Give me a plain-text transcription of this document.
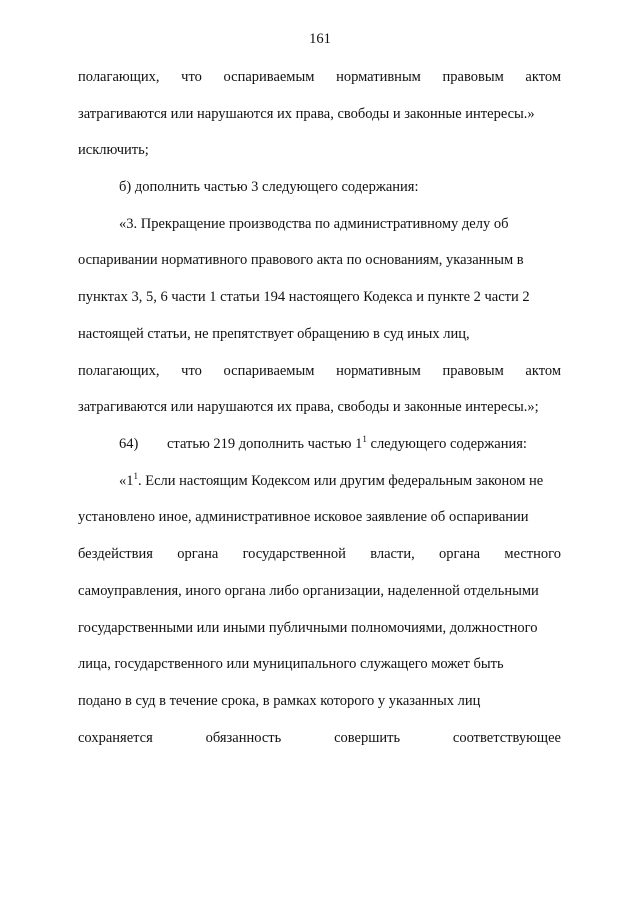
161
полагающих, что оспариваемым нормативным правовым актом
затрагиваются или нарушаются их права, свободы и законные интересы.»
исключить;
б) дополнить частью 3 следующего содержания:
«3. Прекращение производства по административному делу об
оспаривании нормативного правового акта по основаниям, указанным в
пунктах 3, 5, 6 части 1 статьи 194 настоящего Кодекса и пункте 2 части 2
настоящей статьи, не препятствует обращению в суд иных лиц,
полагающих, что оспариваемым нормативным правовым актом
затрагиваются или нарушаются их права, свободы и законные интересы.»;
64) статью 219 дополнить частью $1^1$ следующего содержания:
«$1^1$. Если настоящим Кодексом или другим федеральным законом не
установлено иное, административное исковое заявление об оспаривании
бездействия органа государственной власти, органа местного
самоуправления, иного органа либо организации, наделенной отдельными
государственными или иными публичными полномочиями, должностного
лица, государственного или муниципального служащего может быть
подано в суд в течение срока, в рамках которого у указанных лиц
сохраняется	обязанность	совершить	соответствующее
